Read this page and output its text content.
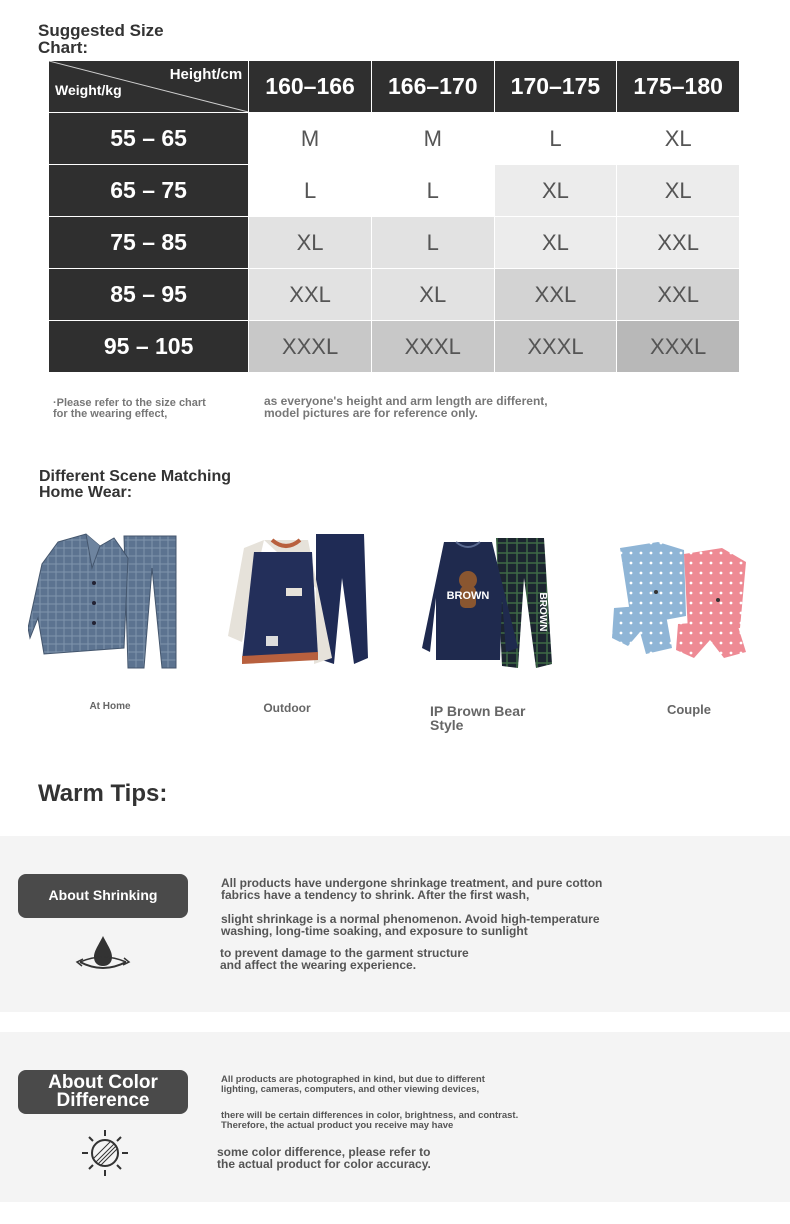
Suggested Size
Chart:
Height/cm
Weight/kg	160–166	166–170	170–175	175–180
55 – 65	M	M	L	XL
65 – 75	L	L	XL	XL
75 – 85	XL	L	XL	XXL
85 – 95	XXL	XL	XXL	XXL
95 – 105	XXXL	XXXL	XXXL	XXXL
·Please refer to the size chart
for the wearing effect,
as everyone's height and arm length are different,
model pictures are for reference only.
Different Scene Matching
Home Wear:
At Home	Outdoor
BROWN	BROWN
IP Brown Bear
Style
Couple
Warm Tips:
About Shrinking
All products have undergone shrinkage treatment, and pure cotton
fabrics have a tendency to shrink. After the first wash,
slight shrinkage is a normal phenomenon. Avoid high-temperature
washing, long-time soaking, and exposure to sunlight
to prevent damage to the garment structure
and affect the wearing experience.
About Color
Difference
All products are photographed in kind, but due to different
lighting, cameras, computers, and other viewing devices,
there will be certain differences in color, brightness, and contrast.
Therefore, the actual product you receive may have
some color difference, please refer to
the actual product for color accuracy.
